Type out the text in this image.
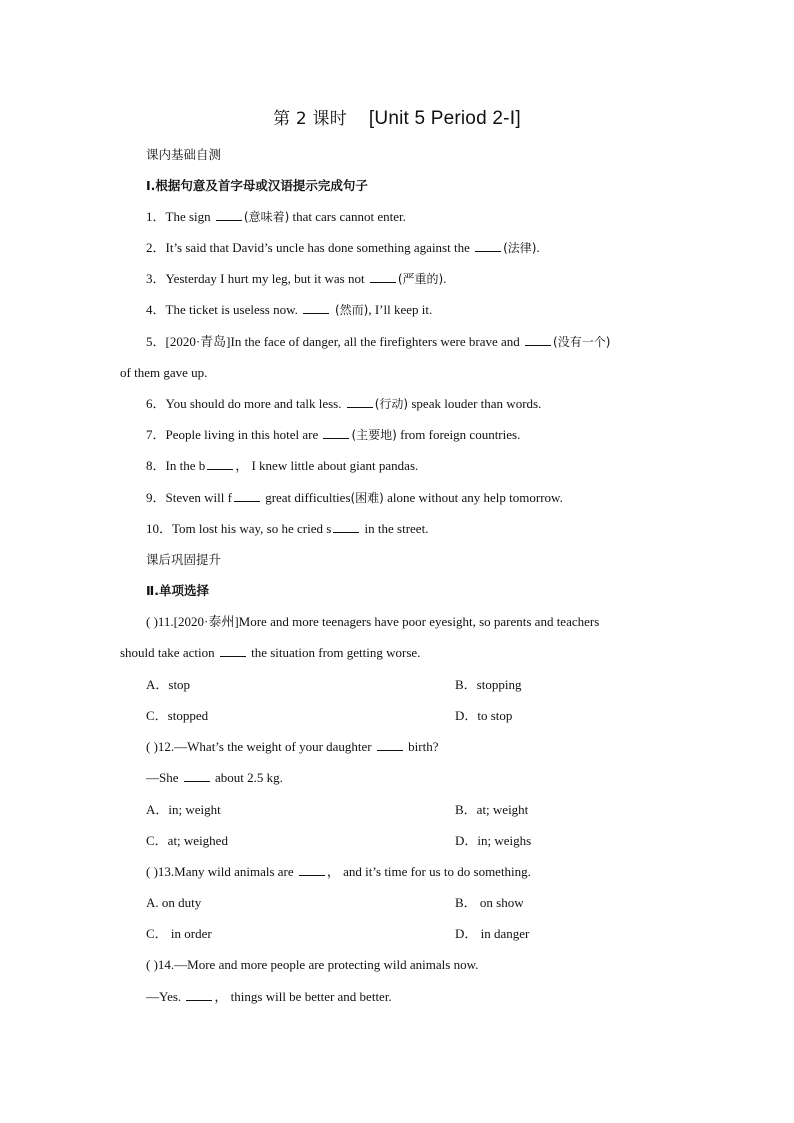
第 2 课时 [Unit 5 Period 2-Ⅰ]
课内基础自测
Ⅰ.根据句意及首字母或汉语提示完成句子
1．The sign	(意味着) that cars cannot enter.
2．It’s said that David’s uncle has done something against the	(法律).
3．Yesterday I hurt my leg, but it was not	(严重的).
4．The ticket is useless now.	(然而), I’ll keep it.
5．[2020·青岛]In the face of danger, all the firefighters were brave and	(没有一个)
of them gave up.
6．You should do more and talk less.	(行动) speak louder than words.
7．People living in this hotel are	(主要地) from foreign countries.
8．In the b ， I knew little about giant pandas.
9．Steven will f great difficulties(困难) alone without any help tomorrow.
10．Tom lost his way, so he cried s in the street.
课后巩固提升
Ⅱ.单项选择
( )11.[2020·泰州]More and more teenagers have poor eyesight, so parents and teachers
should take action  the situation from getting worse.
A．stop	B．stopping
C．stopped	D．to stop
( )12.—What’s the weight of your daughter  birth?
—She  about 2.5 kg.
A．in; weight	B．at; weight
C．at; weighed	D．in; weighs
( )13.Many wild animals are ， and it’s time for us to do something.
A. on duty	B． on show
C． in order	D． in danger
( )14.—More and more people are protecting wild animals now.
—Yes. ， things will be better and better.
